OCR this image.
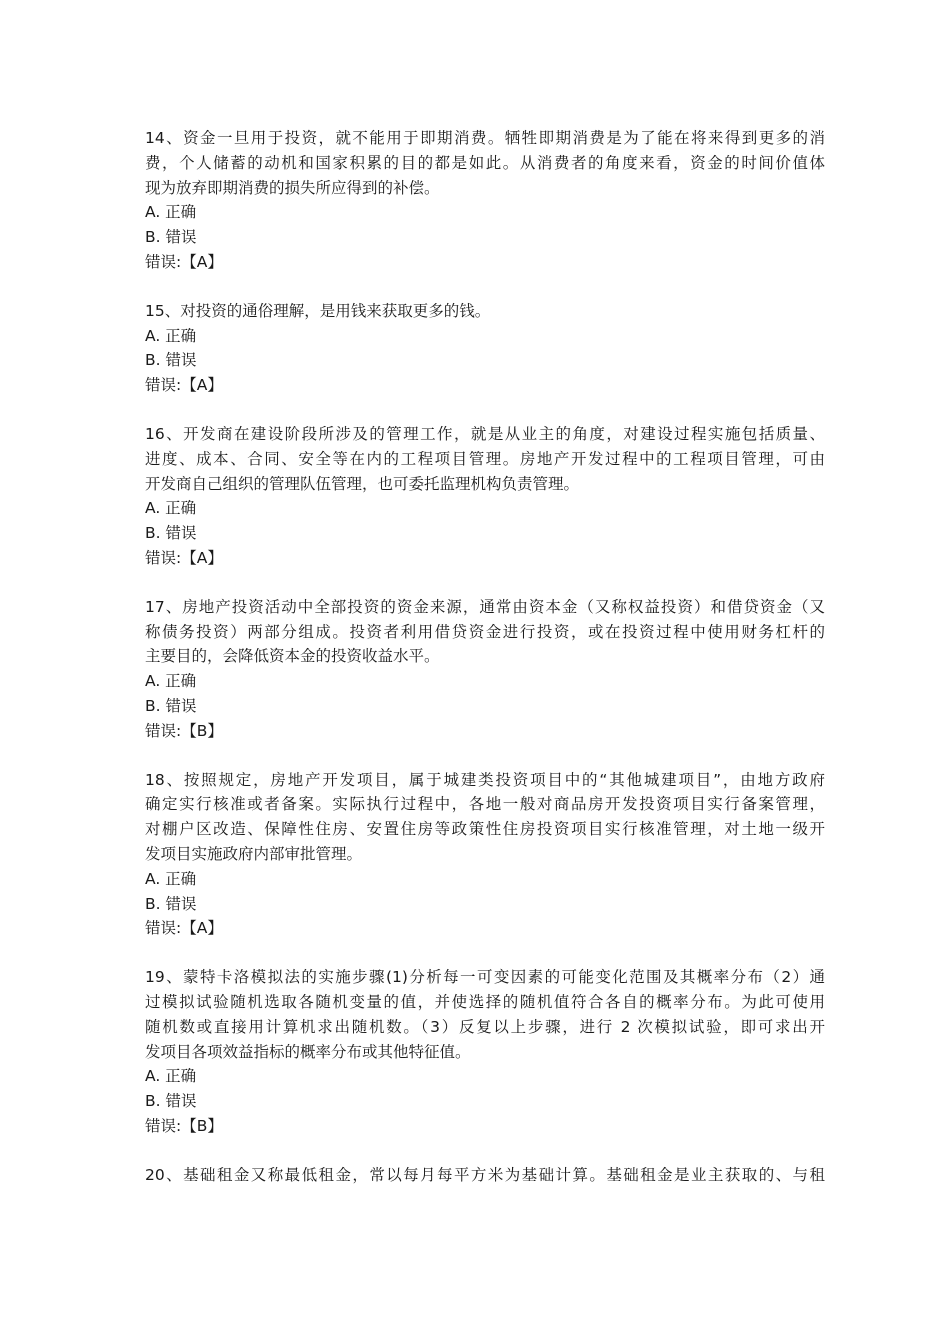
14、资金一旦用于投资，就不能用于即期消费。牺牲即期消费是为了能在将来得到更多的消
费，个人储蓄的动机和国家积累的目的都是如此。从消费者的角度来看，资金的时间价值体
现为放弃即期消费的损失所应得到的补偿。
A. 正确
B. 错误
错误:【A】
15、对投资的通俗理解，是用钱来获取更多的钱。
A. 正确
B. 错误
错误:【A】
16、开发商在建设阶段所涉及的管理工作，就是从业主的角度，对建设过程实施包括质量、
进度、成本、合同、安全等在内的工程项目管理。房地产开发过程中的工程项目管理，可由
开发商自己组织的管理队伍管理，也可委托监理机构负责管理。
A. 正确
B. 错误
错误:【A】
17、房地产投资活动中全部投资的资金来源，通常由资本金（又称权益投资）和借贷资金（又
称债务投资）两部分组成。投资者利用借贷资金进行投资，或在投资过程中使用财务杠杆的
主要目的，会降低资本金的投资收益水平。
A. 正确
B. 错误
错误:【B】
18、按照规定，房地产开发项目，属于城建类投资项目中的“其他城建项目”，由地方政府
确定实行核准或者备案。实际执行过程中，各地一般对商品房开发投资项目实行备案管理，
对棚户区改造、保障性住房、安置住房等政策性住房投资项目实行核准管理，对土地一级开
发项目实施政府内部审批管理。
A. 正确
B. 错误
错误:【A】
19、蒙特卡洛模拟法的实施步骤(1)分析每一可变因素的可能变化范围及其概率分布（2）通
过模拟试验随机选取各随机变量的值，并使选择的随机值符合各自的概率分布。为此可使用
随机数或直接用计算机求出随机数。（3）反复以上步骤，进行 2 次模拟试验，即可求出开
发项目各项效益指标的概率分布或其他特征值。
A. 正确
B. 错误
错误:【B】
20、基础租金又称最低租金，常以每月每平方米为基础计算。基础租金是业主获取的、与租
